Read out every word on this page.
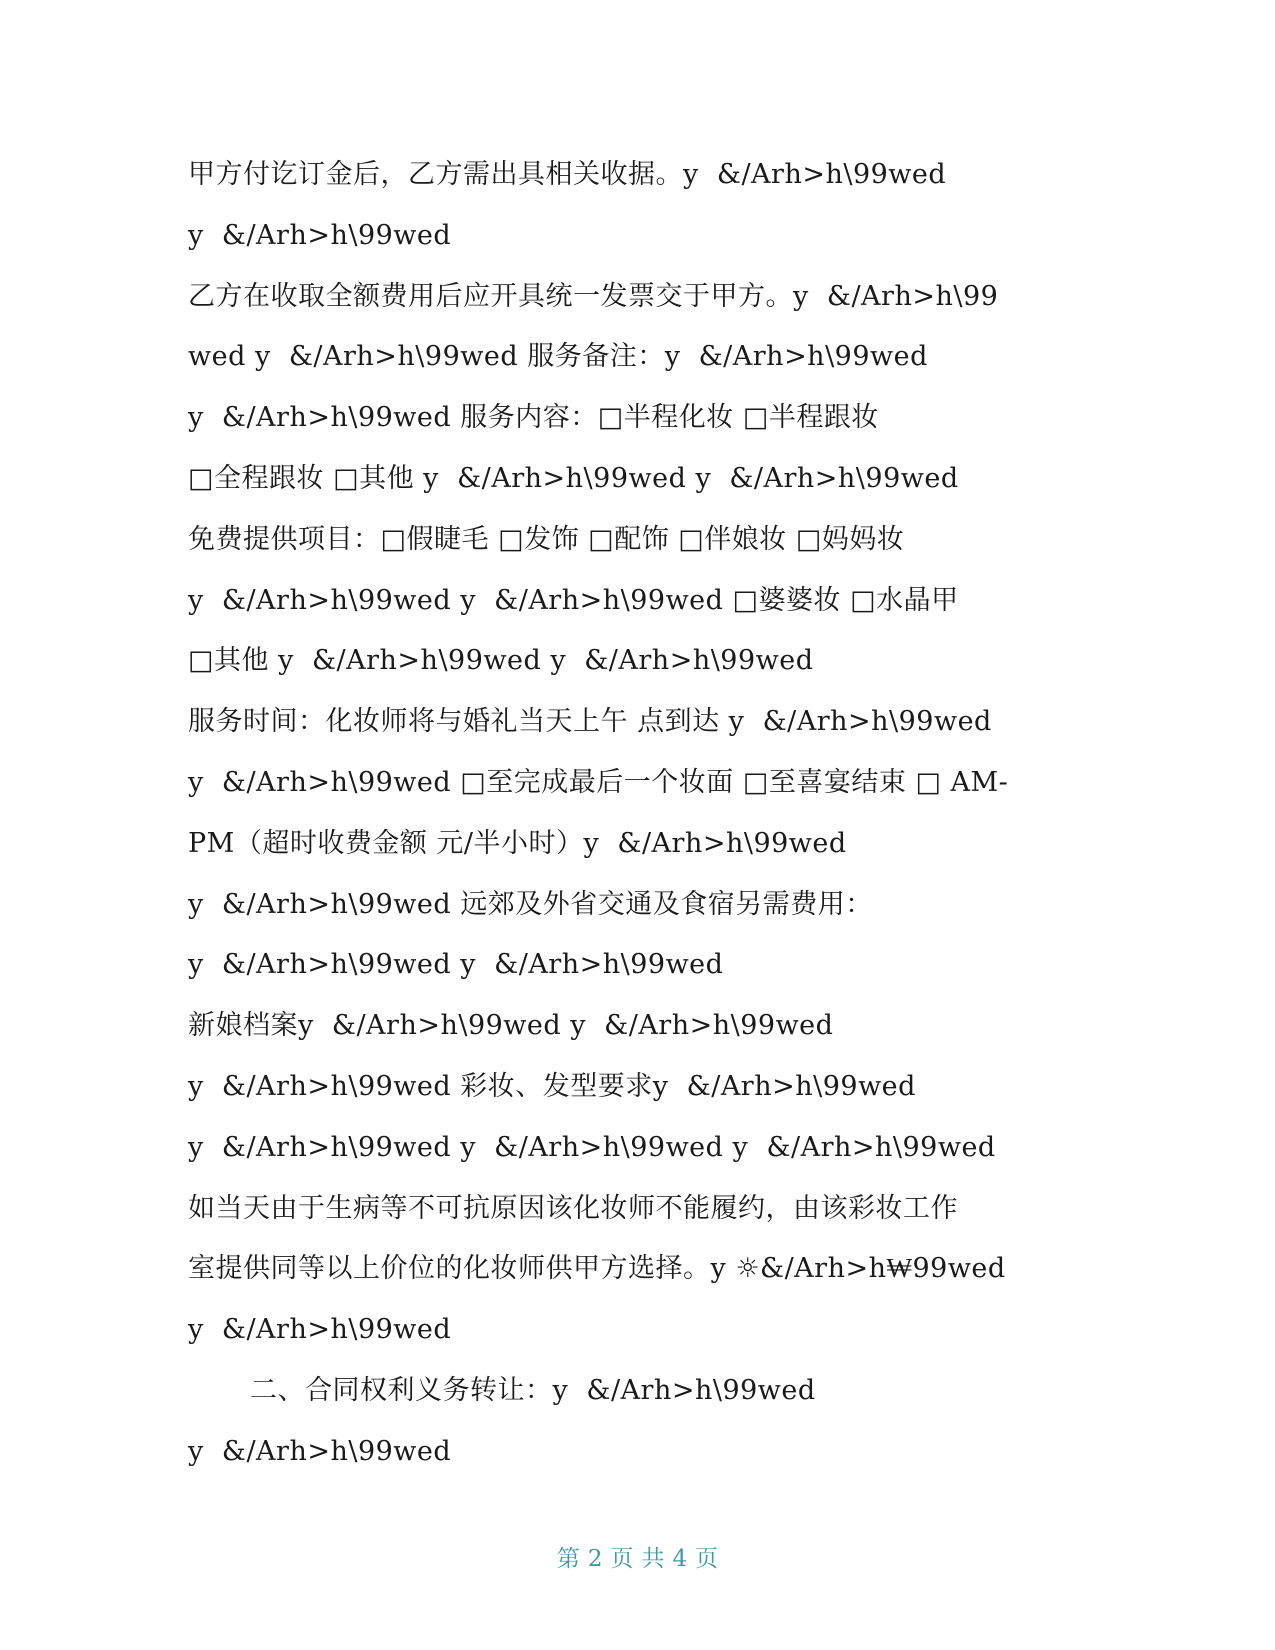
甲方付讫订金后，乙方需出具相关收据。y  &/Arh>h\99wed
y  &/Arh>h\99wed
乙方在收取全额费用后应开具统一发票交于甲方。y  &/Arh>h\99
wed y  &/Arh>h\99wed 服务备注：y  &/Arh>h\99wed
y  &/Arh>h\99wed 服务内容：□半程化妆 □半程跟妆
□全程跟妆 □其他 y  &/Arh>h\99wed y  &/Arh>h\99wed
免费提供项目：□假睫毛 □发饰 □配饰 □伴娘妆 □妈妈妆
y  &/Arh>h\99wed y  &/Arh>h\99wed □婆婆妆 □水晶甲
□其他 y  &/Arh>h\99wed y  &/Arh>h\99wed
服务时间：化妆师将与婚礼当天上午 点到达 y  &/Arh>h\99wed
y  &/Arh>h\99wed □至完成最后一个妆面 □至喜宴结束 □ AM-
PM（超时收费金额 元/半小时）y  &/Arh>h\99wed
y  &/Arh>h\99wed 远郊及外省交通及食宿另需费用：
y  &/Arh>h\99wed y  &/Arh>h\99wed
新娘档案y  &/Arh>h\99wed y  &/Arh>h\99wed
y  &/Arh>h\99wed 彩妆、发型要求y  &/Arh>h\99wed
y  &/Arh>h\99wed y  &/Arh>h\99wed y  &/Arh>h\99wed
如当天由于生病等不可抗原因该化妆师不能履约，由该彩妆工作
室提供同等以上价位的化妆师供甲方选择。y ☼&/Arh>h₩99wed
y  &/Arh>h\99wed
二、合同权利义务转让：y  &/Arh>h\99wed
y  &/Arh>h\99wed
第 2 页 共 4 页
